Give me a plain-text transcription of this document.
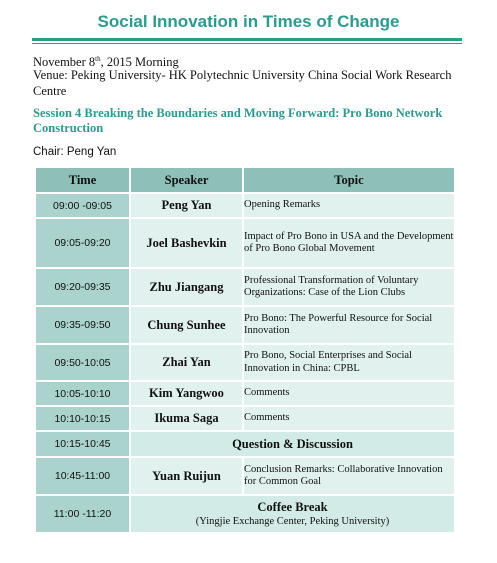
Social Innovation in Times of Change
November 8th, 2015 Morning
Venue: Peking University- HK Polytechnic University China Social Work Research Centre
Session 4 Breaking the Boundaries and Moving Forward: Pro Bono Network Construction
Chair: Peng Yan
Time	Speaker	Topic
09:00 -09:05	Peng Yan	Opening Remarks
09:05-09:20	Joel Bashevkin	Impact of Pro Bono in USA and the Development of Pro Bono Global Movement
09:20-09:35	Zhu Jiangang	Professional Transformation of Voluntary Organizations: Case of the Lion Clubs
09:35-09:50	Chung Sunhee	Pro Bono: The Powerful Resource for Social Innovation
09:50-10:05	Zhai Yan	Pro Bono, Social Enterprises and Social Innovation in China: CPBL
10:05-10:10	Kim Yangwoo	Comments
10:10-10:15	Ikuma Saga	Comments
10:15-10:45	Question & Discussion	
10:45-11:00	Yuan Ruijun	Conclusion Remarks: Collaborative Innovation for Common Goal
11:00 -11:20	Coffee Break
(Yingjie Exchange Center, Peking University)	
